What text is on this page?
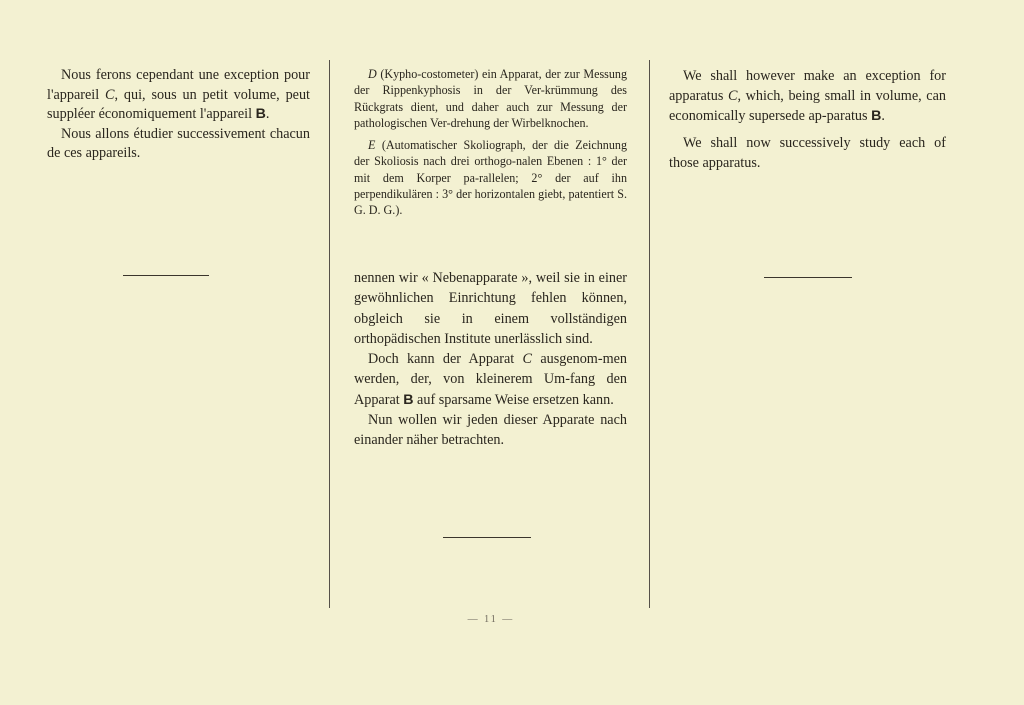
Nous ferons cependant une exception pour l'appareil C, qui, sous un petit volume, peut suppléer économiquement l'appareil B.

Nous allons étudier successivement chacun de ces appareils.

D (Kypho-costometer) ein Apparat, der zur Messung der Rippenkyphosis in der Ver-krümmung des Rückgrats dient, und daher auch zur Messung der pathologischen Ver-drehung der Wirbelknochen.

E (Automatischer Skoliograph, der die Zeichnung der Skoliosis nach drei orthogo-nalen Ebenen : 1° der mit dem Korper pa-rallelen; 2° der auf ihn perpendikulären : 3° der horizontalen giebt, patentiert S. G. D. G.).

nennen wir « Nebenapparate », weil sie in einer gewöhnlichen Einrichtung fehlen können, obgleich sie in einem vollständigen orthopädischen Institute unerlässlich sind.

Doch kann der Apparat C ausgenom-men werden, der, von kleinerem Um-fang den Apparat B auf sparsame Weise ersetzen kann.

Nun wollen wir jeden dieser Apparate nach einander näher betrachten.

We shall however make an exception for apparatus C, which, being small in volume, can economically supersede ap-paratus B.

We shall now successively study each of those apparatus.

— 11 —
